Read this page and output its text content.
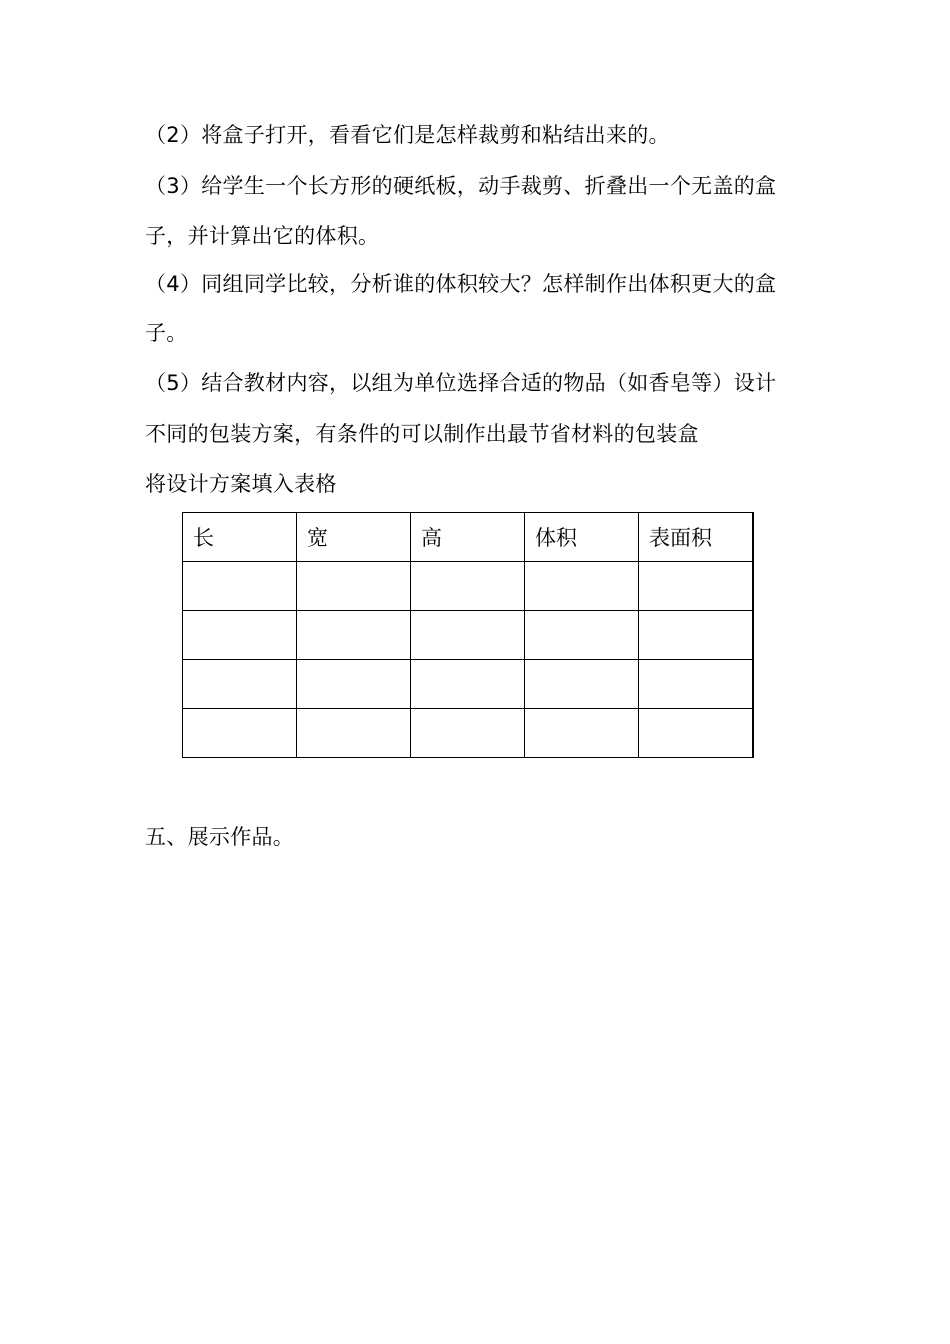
（2）将盒子打开，看看它们是怎样裁剪和粘结出来的。
（3）给学生一个长方形的硬纸板，动手裁剪、折叠出一个无盖的盒
子，并计算出它的体积。
（4）同组同学比较，分析谁的体积较大？怎样制作出体积更大的盒
子。
（5）结合教材内容，以组为单位选择合适的物品（如香皂等）设计
不同的包装方案，有条件的可以制作出最节省材料的包装盒
将设计方案填入表格
长	宽	高	体积	表面积

五、展示作品。
